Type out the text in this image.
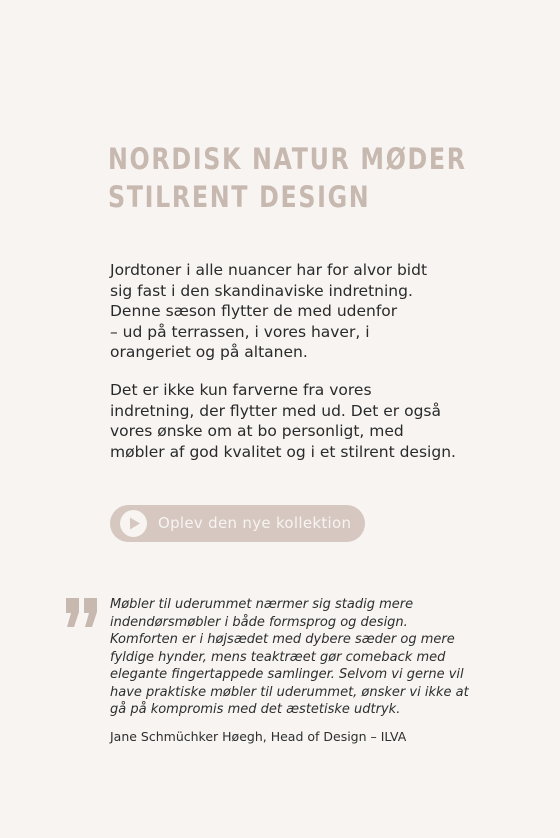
NORDISK NATUR MØDER
STILRENT DESIGN

Jordtoner i alle nuancer har for alvor bidt
sig fast i den skandinaviske indretning.
Denne sæson flytter de med udenfor
– ud på terrassen, i vores haver, i
orangeriet og på altanen.

Det er ikke kun farverne fra vores
indretning, der flytter med ud. Det er også
vores ønske om at bo personligt, med
møbler af god kvalitet og i et stilrent design.

Oplev den nye kollektion

Møbler til uderummet nærmer sig stadig mere
indendørsmøbler i både formsprog og design.
Komforten er i højsædet med dybere sæder og mere
fyldige hynder, mens teaktræet gør comeback med
elegante fingertappede samlinger. Selvom vi gerne vil
have praktiske møbler til uderummet, ønsker vi ikke at
gå på kompromis med det æstetiske udtryk.

Jane Schmüchker Høegh, Head of Design – ILVA
